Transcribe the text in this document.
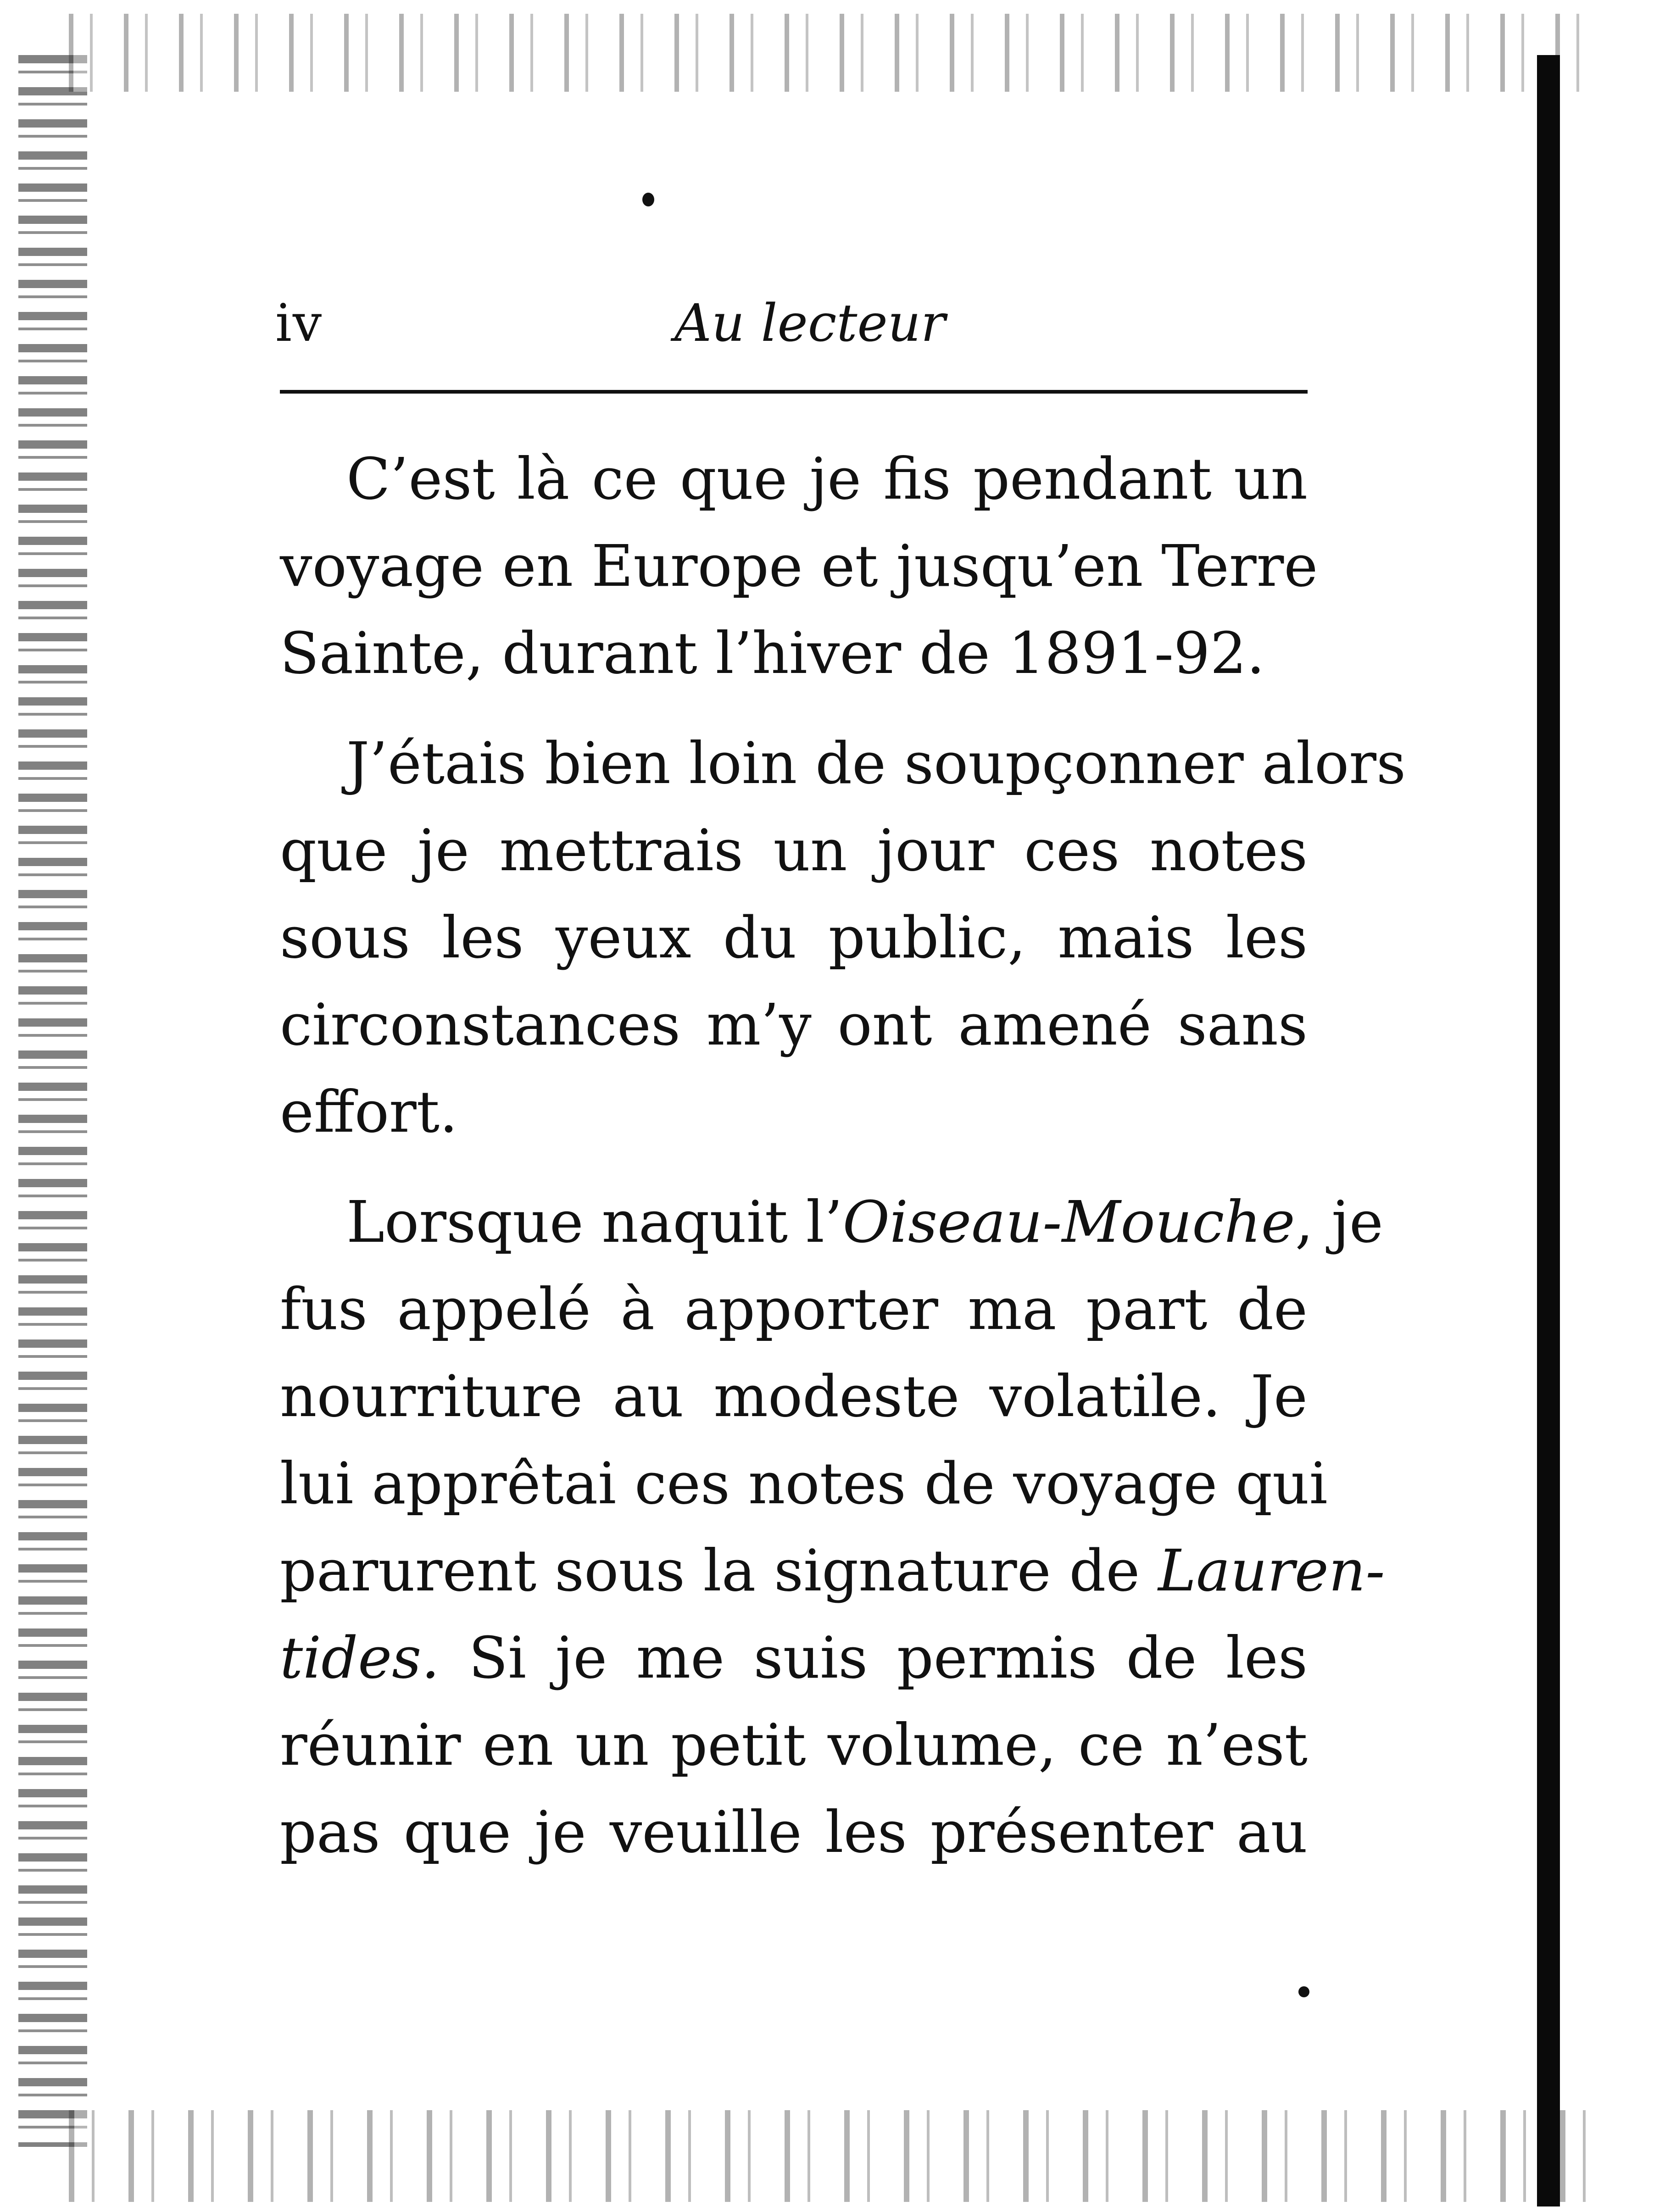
iv	Au lecteur

C’est là ce que je fis pendant un
voyage en Europe et jusqu’en Terre
Sainte, durant l’hiver de 1891-92.

J’étais bien loin de soupçonner alors
que je mettrais un jour ces notes
sous les yeux du public, mais les
circonstances m’y ont amené sans
effort.

Lorsque naquit l’Oiseau-Mouche, je
fus appelé à apporter ma part de
nourriture au modeste volatile. Je
lui apprêtai ces notes de voyage qui
parurent sous la signature de Lauren-
tides. Si je me suis permis de les
réunir en un petit volume, ce n’est
pas que je veuille les présenter au
